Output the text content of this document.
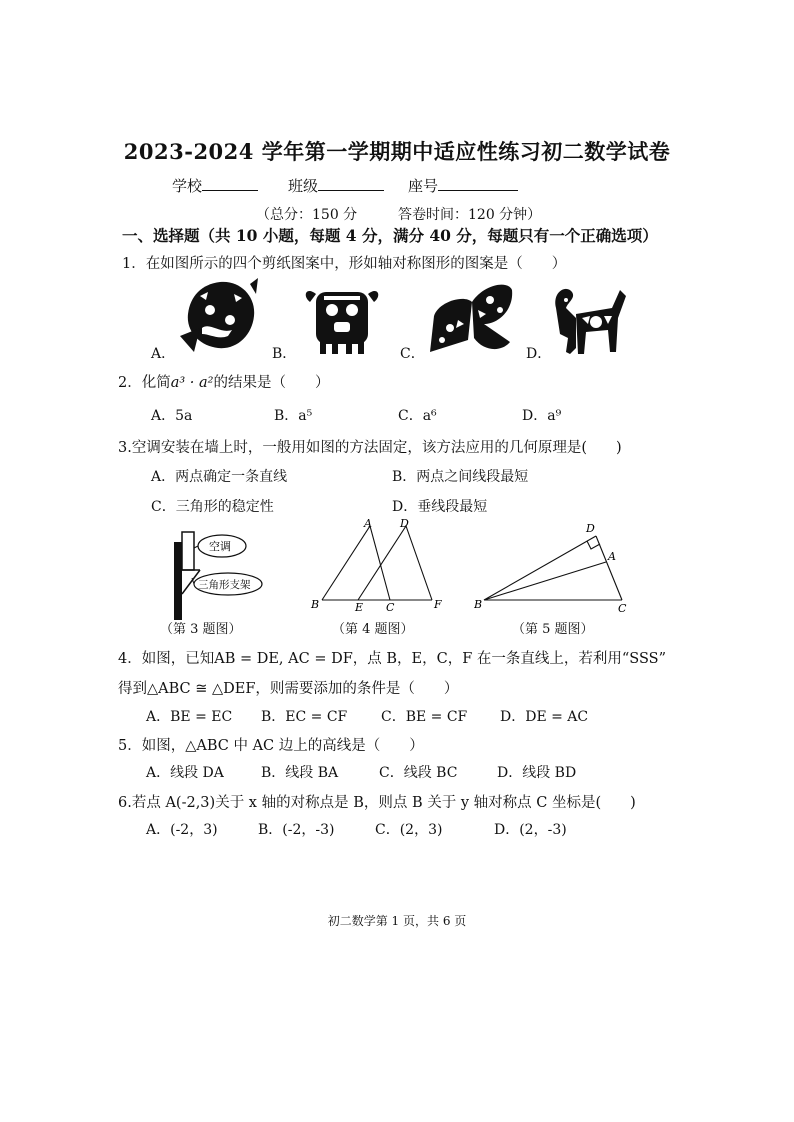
2023-2024 学年第一学期期中适应性练习初二数学试卷
学校	班级	座号
（总分：150 分	答卷时间：120 分钟）
一、选择题（共 10 小题，每题 4 分，满分 40 分，每题只有一个正确选项）
1．在如图所示的四个剪纸图案中，形如轴对称图形的图案是（　　）
A．	B．	C．	D．
2．化简a³ · a²的结果是（　　）
A．5a	B．a⁵	C．a⁶	D．a⁹
3.空调安装在墙上时，一般用如图的方法固定，该方法应用的几何原理是(　　)
A．两点确定一条直线	B．两点之间线段最短
C．三角形的稳定性	D．垂线段最短
空调
三角形支架
（第 3 题图）
A	D
B	E C	F
（第 4 题图）
D
A
B	C
（第 5 题图）
4．如图，已知AB = DE, AC = DF，点 B，E，C，F 在一条直线上，若利用“SSS”
得到△ABC ≅ △DEF，则需要添加的条件是（　　）
A．BE = EC B．EC = CF C．BE = CF D．DE = AC
5．如图，△ABC 中 AC 边上的高线是（　　）
A．线段 DA	B．线段 BA	C．线段 BC	D．线段 BD
6.若点 A(-2,3)关于 x 轴的对称点是 B，则点 B 关于 y 轴对称点 C 坐标是(　　)
A．(-2，3)	B．(-2，-3)	C．(2，3)	D．(2，-3)
初二数学第 1 页，共 6 页
